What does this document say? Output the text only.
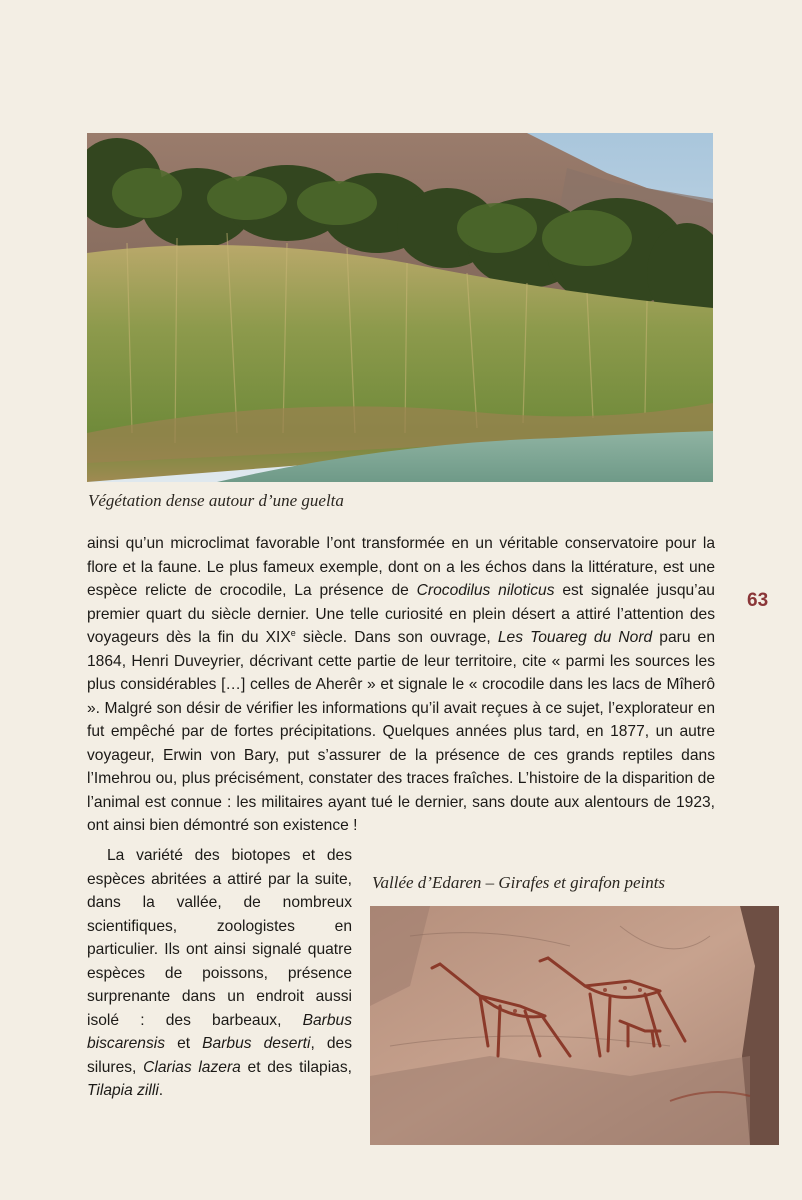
Végétation dense autour d’une guelta

ainsi qu’un microclimat favorable l’ont transformée en un véritable conservatoire pour la flore et la faune. Le plus fameux exemple, dont on a les échos dans la littérature, est une espèce relicte de crocodile, La présence de Crocodilus niloticus est signalée jusqu’au premier quart du siècle dernier. Une telle curiosité en plein désert a attiré l’attention des voyageurs dès la fin du XIXe siècle. Dans son ouvrage, Les Touareg du Nord paru en 1864, Henri Duveyrier, décrivant cette partie de leur territoire, cite « parmi les sources les plus considérables […] celles de Aherêr » et signale le « crocodile dans les lacs de Mîherô ». Malgré son désir de vérifier les informations qu’il avait reçues à ce sujet, l’explorateur en fut empêché par de fortes précipitations. Quelques années plus tard, en 1877, un autre voyageur, Erwin von Bary, put s’assurer de la présence de ces grands reptiles dans l’Imehrou ou, plus précisément, constater des traces fraîches. L’histoire de la disparition de l’animal est connue : les militaires ayant tué le dernier, sans doute aux alentours de 1923, ont ainsi bien démontré son existence !

63
La variété des biotopes et des espèces abritées a attiré par la suite, dans la vallée, de nombreux scientifiques, zoologistes en particulier. Ils ont ainsi signalé quatre espèces de poissons, présence surprenante dans un endroit aussi isolé : des barbeaux, Barbus biscarensis et Barbus deserti, des silures, Clarias lazera et des tilapias, Tilapia zilli.

Vallée d’Edaren – Girafes et girafon peints
